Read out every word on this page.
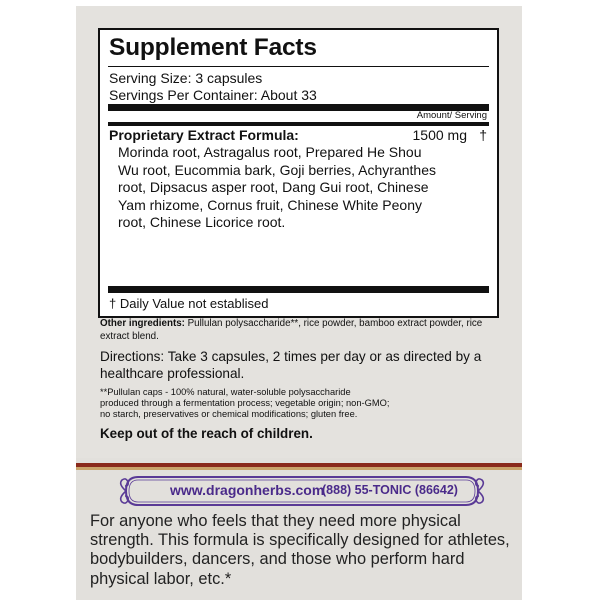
Supplement Facts
Serving Size: 3 capsules
Servings Per Container: About 33
Amount/ Serving
Proprietary Extract Formula:	1500 mg †
Morinda root, Astragalus root, Prepared He Shou
Wu root, Eucommia bark, Goji berries, Achyranthes
root, Dipsacus asper root, Dang Gui root, Chinese
Yam rhizome, Cornus fruit, Chinese White Peony
root, Chinese Licorice root.
† Daily Value not establised
Other ingredients: Pullulan polysaccharide**, rice powder, bamboo extract powder, rice extract blend.
Directions: Take 3 capsules, 2 times per day or as directed by a healthcare professional.
**Pullulan caps - 100% natural, water-soluble polysaccharide
produced through a fermentation process; vegetable origin; non-GMO;
no starch, preservatives or chemical modifications; gluten free.
Keep out of the reach of children.
www.dragonherbs.com
(888) 55-TONIC (86642)
For anyone who feels that they need more physical strength. This formula is specifically designed for athletes, bodybuilders, dancers, and those who perform hard physical labor, etc.*
